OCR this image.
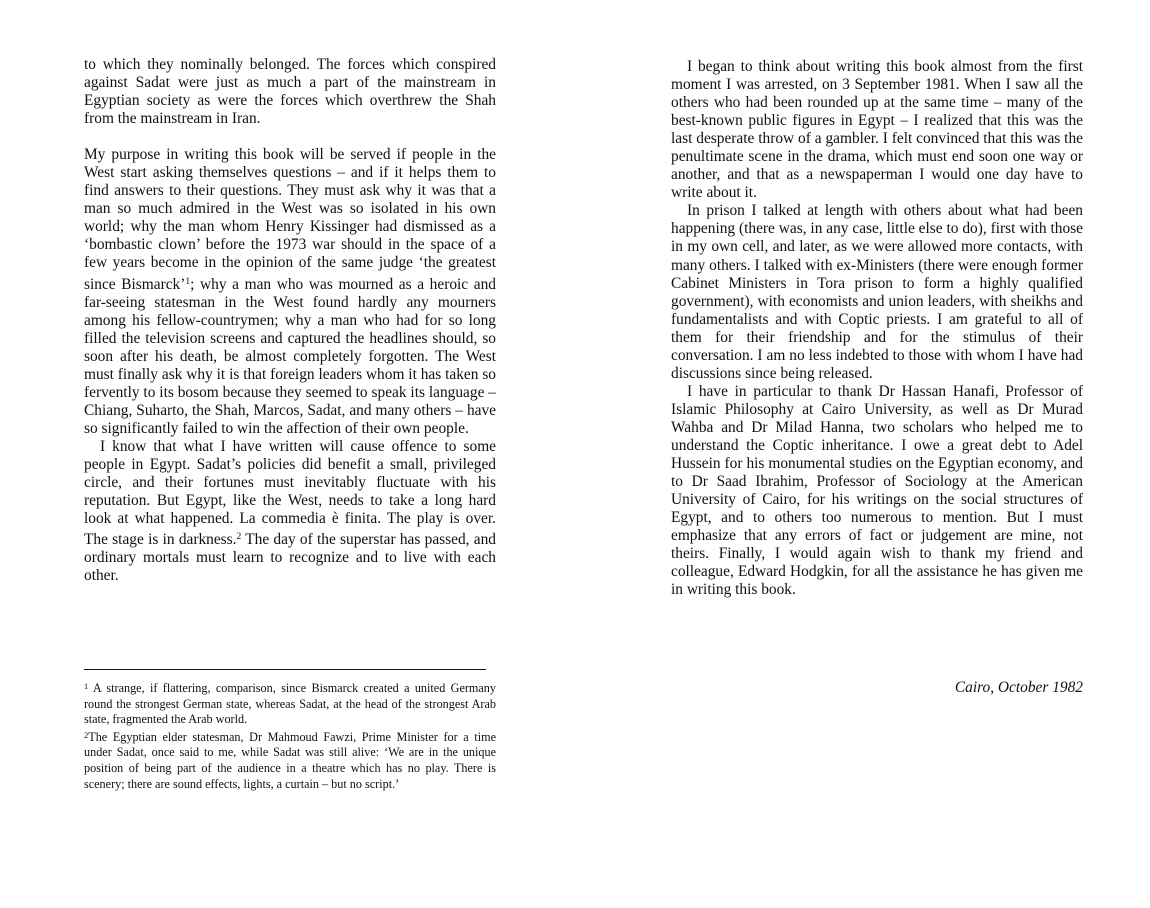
to which they nominally belonged. The forces which conspired against Sadat were just as much a part of the mainstream in Egyptian society as were the forces which overthrew the Shah from the mainstream in Iran.

My purpose in writing this book will be served if people in the West start asking themselves questions – and if it helps them to find answers to their questions. They must ask why it was that a man so much admired in the West was so isolated in his own world; why the man whom Henry Kissinger had dismissed as a ‘bombastic clown’ before the 1973 war should in the space of a few years become in the opinion of the same judge ‘the greatest since Bismarck’$^1$; why a man who was mourned as a heroic and far-seeing statesman in the West found hardly any mourners among his fellow-countrymen; why a man who had for so long filled the television screens and captured the headlines should, so soon after his death, be almost completely forgotten. The West must finally ask why it is that foreign leaders whom it has taken so fervently to its bosom because they seemed to speak its language – Chiang, Suharto, the Shah, Marcos, Sadat, and many others – have so significantly failed to win the affection of their own people.

I know that what I have written will cause offence to some people in Egypt. Sadat’s policies did benefit a small, privileged circle, and their fortunes must inevitably fluctuate with his reputation. But Egypt, like the West, needs to take a long hard look at what happened. La commedia è finita. The play is over. The stage is in darkness.$^2$ The day of the superstar has passed, and ordinary mortals must learn to recognize and to live with each other.

$^1$ A strange, if flattering, comparison, since Bismarck created a united Germany round the strongest German state, whereas Sadat, at the head of the strongest Arab state, fragmented the Arab world.

$^2$The Egyptian elder statesman, Dr Mahmoud Fawzi, Prime Minister for a time under Sadat, once said to me, while Sadat was still alive: ‘We are in the unique position of being part of the audience in a theatre which has no play. There is scenery; there are sound effects, lights, a curtain – but no script.’

I began to think about writing this book almost from the first moment I was arrested, on 3 September 1981. When I saw all the others who had been rounded up at the same time – many of the best-known public figures in Egypt – I realized that this was the last desperate throw of a gambler. I felt convinced that this was the penultimate scene in the drama, which must end soon one way or another, and that as a newspaperman I would one day have to write about it.

In prison I talked at length with others about what had been happening (there was, in any case, little else to do), first with those in my own cell, and later, as we were allowed more contacts, with many others. I talked with ex-Ministers (there were enough former Cabinet Ministers in Tora prison to form a highly qualified government), with economists and union leaders, with sheikhs and fundamentalists and with Coptic priests. I am grateful to all of them for their friendship and for the stimulus of their conversation. I am no less indebted to those with whom I have had discussions since being released.

I have in particular to thank Dr Hassan Hanafi, Professor of Islamic Philosophy at Cairo University, as well as Dr Murad Wahba and Dr Milad Hanna, two scholars who helped me to understand the Coptic inheritance. I owe a great debt to Adel Hussein for his monumental studies on the Egyptian economy, and to Dr Saad Ibrahim, Professor of Sociology at the American University of Cairo, for his writings on the social structures of Egypt, and to others too numerous to mention. But I must emphasize that any errors of fact or judgement are mine, not theirs. Finally, I would again wish to thank my friend and colleague, Edward Hodgkin, for all the assistance he has given me in writing this book.

Cairo, October 1982
